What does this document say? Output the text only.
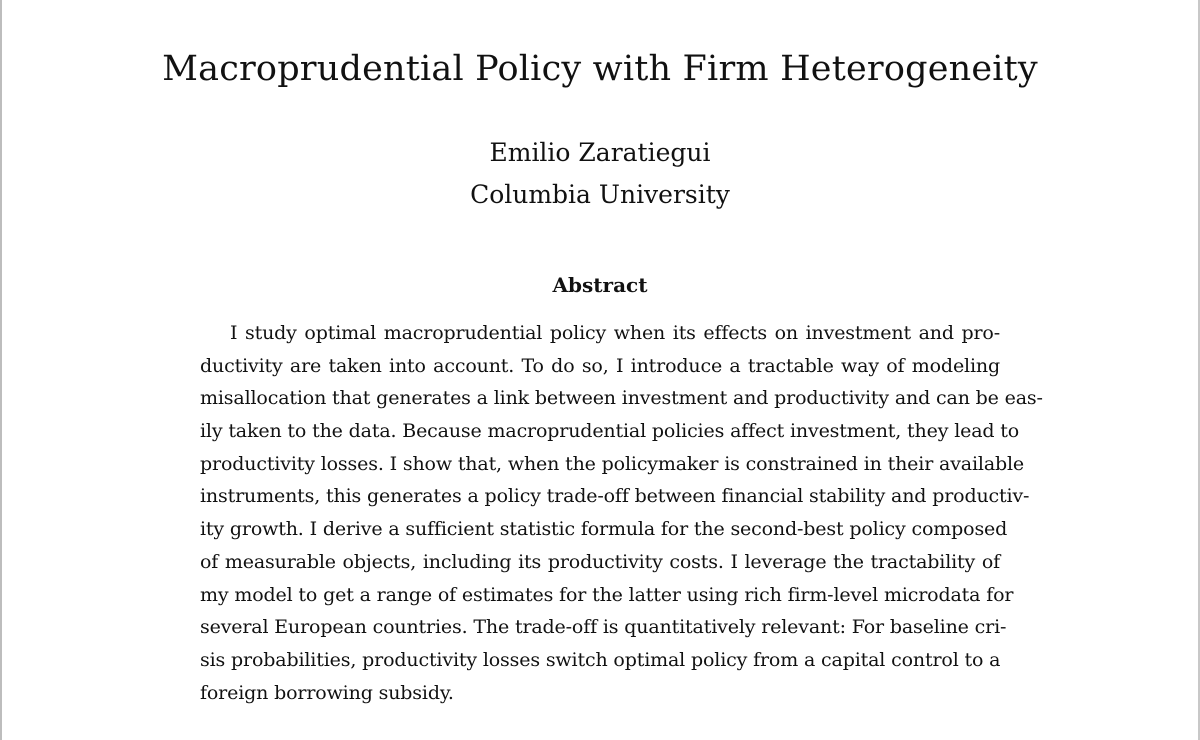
Macroprudential Policy with Firm Heterogeneity
Emilio Zaratiegui
Columbia University
Abstract
I study optimal macroprudential policy when its effects on investment and pro-
ductivity are taken into account. To do so, I introduce a tractable way of modeling
misallocation that generates a link between investment and productivity and can be eas-
ily taken to the data. Because macroprudential policies affect investment, they lead to
productivity losses. I show that, when the policymaker is constrained in their available
instruments, this generates a policy trade-off between financial stability and productiv-
ity growth. I derive a sufficient statistic formula for the second-best policy composed
of measurable objects, including its productivity costs. I leverage the tractability of
my model to get a range of estimates for the latter using rich firm-level microdata for
several European countries. The trade-off is quantitatively relevant: For baseline cri-
sis probabilities, productivity losses switch optimal policy from a capital control to a
foreign borrowing subsidy.
